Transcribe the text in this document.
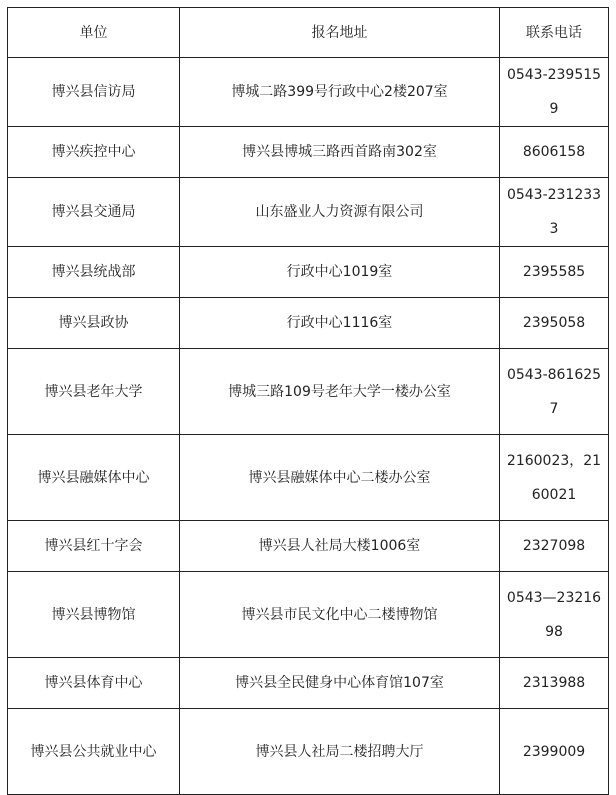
单位	报名地址	联系电话
博兴县信访局	博城二路399号行政中心2楼207室	0543-2395159
博兴疾控中心	博兴县博城三路西首路南302室	8606158
博兴县交通局	山东盛业人力资源有限公司	0543-2312333
博兴县统战部	行政中心1019室	2395585
博兴县政协	行政中心1116室	2395058
博兴县老年大学	博城三路109号老年大学一楼办公室	0543-8616257
博兴县融媒体中心	博兴县融媒体中心二楼办公室	2160023，2160021
博兴县红十字会	博兴县人社局大楼1006室	2327098
博兴县博物馆	博兴县市民文化中心二楼博物馆	0543—2321698
博兴县体育中心	博兴县全民健身中心体育馆107室	2313988
博兴县公共就业中心	博兴县人社局二楼招聘大厅	2399009
